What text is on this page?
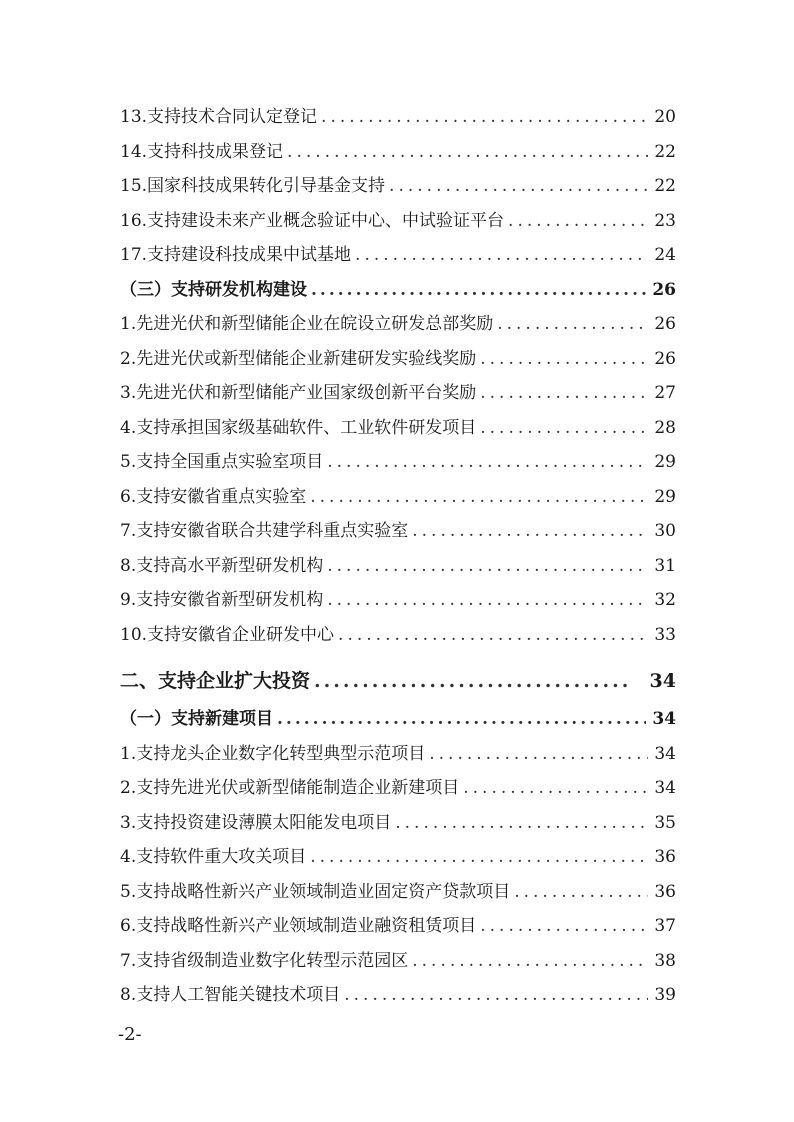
13.支持技术合同认定登记 .....	20
14.支持科技成果登记 .....	22
15.国家科技成果转化引导基金支持 .....	22
16.支持建设未来产业概念验证中心、中试验证平台 .....	23
17.支持建设科技成果中试基地 .....	24
（三）支持研发机构建设 .....	26
1.先进光伏和新型储能企业在皖设立研发总部奖励 .....	26
2.先进光伏或新型储能企业新建研发实验线奖励 .....	26
3.先进光伏和新型储能产业国家级创新平台奖励 .....	27
4.支持承担国家级基础软件、工业软件研发项目 .....	28
5.支持全国重点实验室项目 .....	29
6.支持安徽省重点实验室 .....	29
7.支持安徽省联合共建学科重点实验室 .....	30
8.支持高水平新型研发机构 .....	31
9.支持安徽省新型研发机构 .....	32
10.支持安徽省企业研发中心 .....	33
二、支持企业扩大投资 .....	34
（一）支持新建项目 .....	34
1.支持龙头企业数字化转型典型示范项目 .....	34
2.支持先进光伏或新型储能制造企业新建项目 .....	34
3.支持投资建设薄膜太阳能发电项目 .....	35
4.支持软件重大攻关项目 .....	36
5.支持战略性新兴产业领域制造业固定资产贷款项目 .....	36
6.支持战略性新兴产业领域制造业融资租赁项目 .....	37
7.支持省级制造业数字化转型示范园区 .....	38
8.支持人工智能关键技术项目 .....	39
-2-
